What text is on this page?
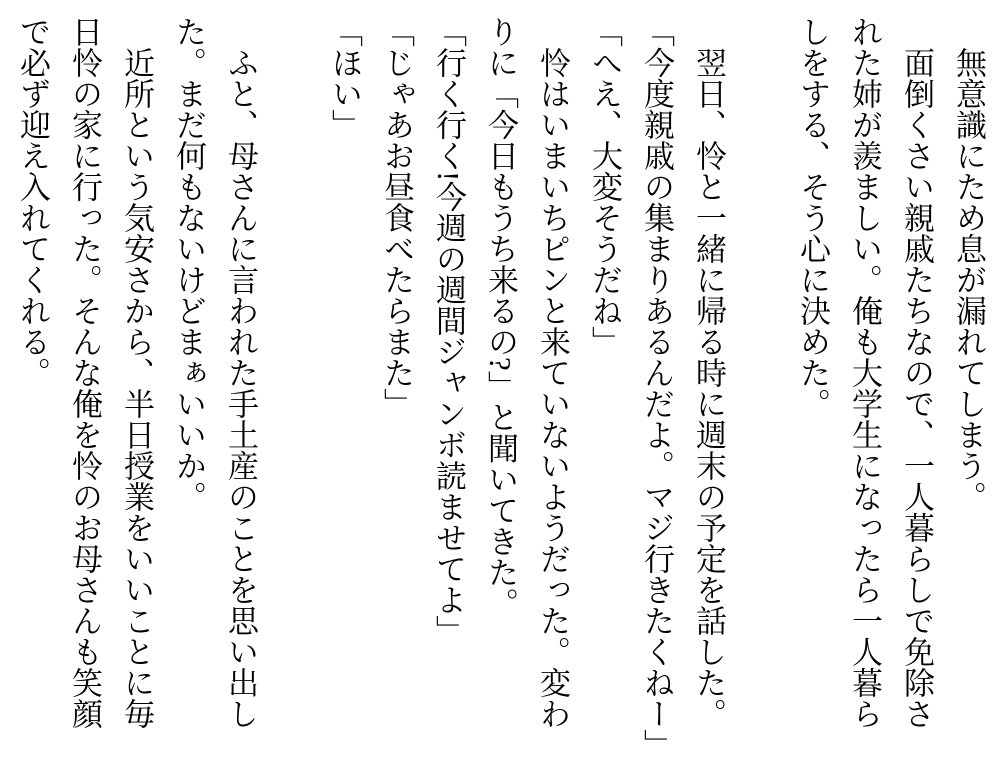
無意識にため息が漏れてしまう。

面倒くさい親戚たちなので、一人暮らしで免除さ
れた姉が羨ましい。俺も大学生になったら一人暮ら
しをする、そう心に決めた。

翌日、怜と一緒に帰る時に週末の予定を話した。

「今度親戚の集まりあるんだよ。マジ行きたくねー」

「へえ、大変そうだね」

怜はいまいちピンと来ていないようだった。変わ
りに「今日もうち来るの?」と聞いてきた。

「行く行く!今週の週間ジャンボ読ませてよ」

「じゃあお昼食べたらまた」

「ほい」

ふと、母さんに言われた手土産のことを思い出し
た。まだ何もないけどまぁいいか。

近所という気安さから、半日授業をいいことに毎
日怜の家に行った。そんな俺を怜のお母さんも笑顔
で必ず迎え入れてくれる。
